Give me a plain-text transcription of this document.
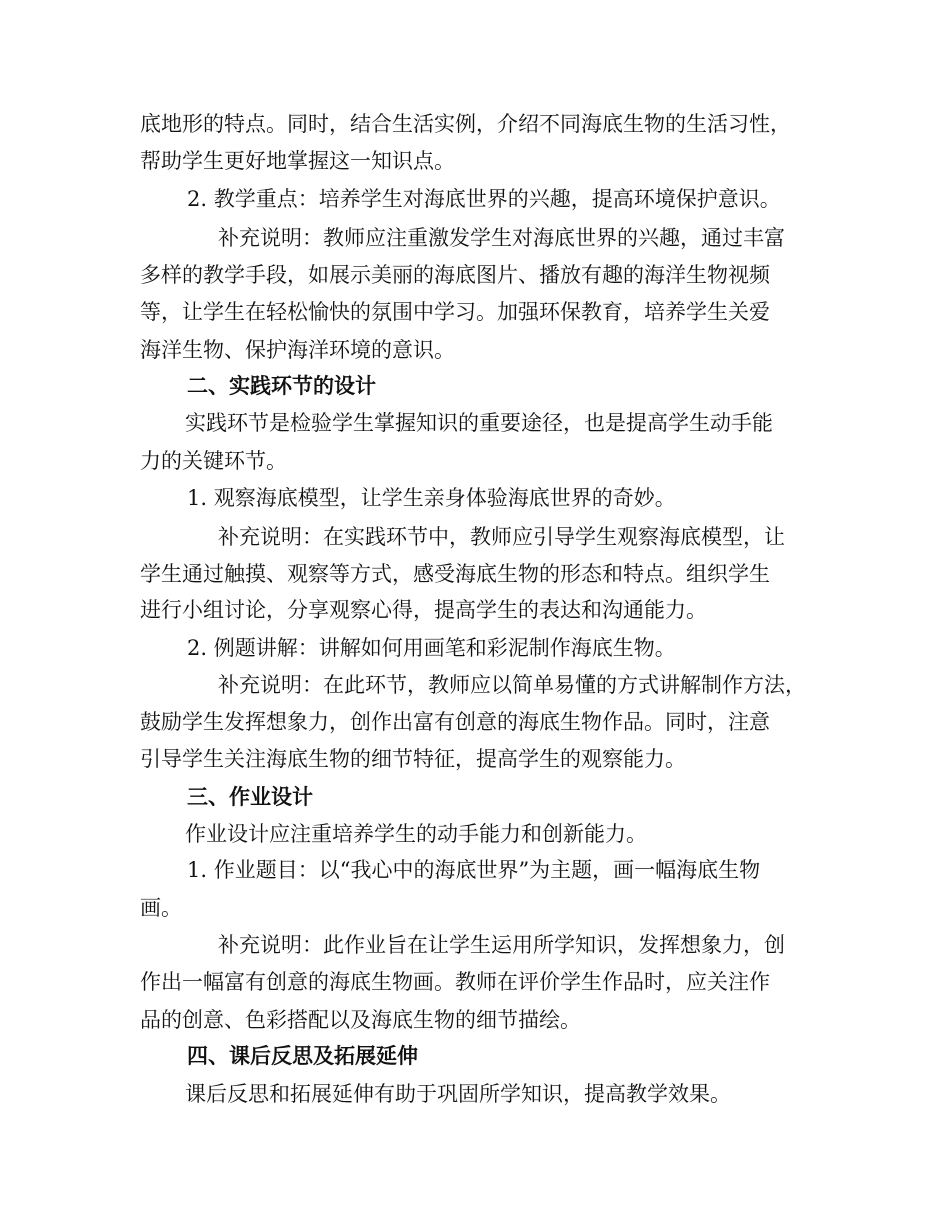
底地形的特点。同时，结合生活实例，介绍不同海底生物的生活习性，
帮助学生更好地掌握这一知识点。
2. 教学重点：培养学生对海底世界的兴趣，提高环境保护意识。
补充说明：教师应注重激发学生对海底世界的兴趣，通过丰富
多样的教学手段，如展示美丽的海底图片、播放有趣的海洋生物视频
等，让学生在轻松愉快的氛围中学习。加强环保教育，培养学生关爱
海洋生物、保护海洋环境的意识。
二、实践环节的设计
实践环节是检验学生掌握知识的重要途径，也是提高学生动手能
力的关键环节。
1. 观察海底模型，让学生亲身体验海底世界的奇妙。
补充说明：在实践环节中，教师应引导学生观察海底模型，让
学生通过触摸、观察等方式，感受海底生物的形态和特点。组织学生
进行小组讨论，分享观察心得，提高学生的表达和沟通能力。
2. 例题讲解：讲解如何用画笔和彩泥制作海底生物。
补充说明：在此环节，教师应以简单易懂的方式讲解制作方法，
鼓励学生发挥想象力，创作出富有创意的海底生物作品。同时，注意
引导学生关注海底生物的细节特征，提高学生的观察能力。
三、作业设计
作业设计应注重培养学生的动手能力和创新能力。
1. 作业题目：以“我心中的海底世界”为主题，画一幅海底生物
画。
补充说明：此作业旨在让学生运用所学知识，发挥想象力，创
作出一幅富有创意的海底生物画。教师在评价学生作品时，应关注作
品的创意、色彩搭配以及海底生物的细节描绘。
四、课后反思及拓展延伸
课后反思和拓展延伸有助于巩固所学知识，提高教学效果。
